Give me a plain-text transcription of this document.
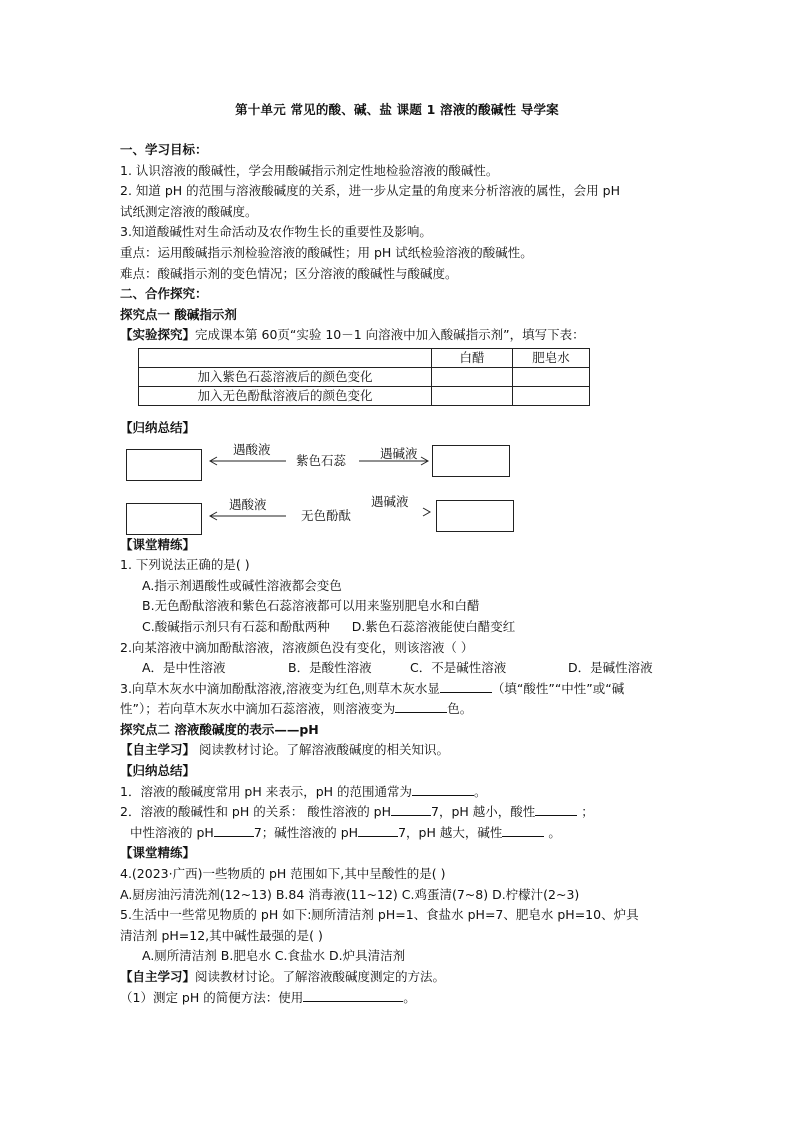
第十单元 常见的酸、碱、盐 课题 1 溶液的酸碱性 导学案
一、学习目标：
1. 认识溶液的酸碱性，学会用酸碱指示剂定性地检验溶液的酸碱性。
2. 知道 pH 的范围与溶液酸碱度的关系，进一步从定量的角度来分析溶液的属性，会用 pH
试纸测定溶液的酸碱度。
3.知道酸碱性对生命活动及农作物生长的重要性及影响。
重点：运用酸碱指示剂检验溶液的酸碱性；用 pH 试纸检验溶液的酸碱性。
难点：酸碱指示剂的变色情况；区分溶液的酸碱性与酸碱度。
二、合作探究：
探究点一 酸碱指示剂
【实验探究】完成课本第 60页“实验 10－1 向溶液中加入酸碱指示剂”，填写下表：
	白醋	肥皂水
加入紫色石蕊溶液后的颜色变化		
加入无色酚酞溶液后的颜色变化		
【归纳总结】
遇酸液
紫色石蕊	遇碱液
遇酸液
无色酚酞
遇碱液
【课堂精练】
1. 下列说法正确的是( )
A.指示剂遇酸性或碱性溶液都会变色
B.无色酚酞溶液和紫色石蕊溶液都可以用来鉴别肥皂水和白醋
C.酸碱指示剂只有石蕊和酚酞两种 D.紫色石蕊溶液能使白醋变红
2.向某溶液中滴加酚酞溶液，溶液颜色没有变化，则该溶液（ ）
A．是中性溶液	B．是酸性溶液	C．不是碱性溶液	D．是碱性溶液
3.向草木灰水中滴加酚酞溶液,溶液变为红色,则草木灰水显	（填“酸性”“中性”或“碱
性”）；若向草木灰水中滴加石蕊溶液，则溶液变为	色。
探究点二 溶液酸碱度的表示——pH
【自主学习】 阅读教材讨论。了解溶液酸碱度的相关知识。
【归纳总结】
1．溶液的酸碱度常用 pH 来表示，pH 的范围通常为	。
2．溶液的酸碱性和 pH 的关系： 酸性溶液的 pH	7，pH 越小，酸性	；
中性溶液的 pH	7；碱性溶液的 pH	7，pH 越大，碱性	。
【课堂精练】
4.(2023·广西)一些物质的 pH 范围如下,其中呈酸性的是( )
A.厨房油污清洗剂(12~13) B.84 消毒液(11~12) C.鸡蛋清(7~8) D.柠檬汁(2~3)
5.生活中一些常见物质的 pH 如下:厕所清洁剂 pH=1、食盐水 pH=7、肥皂水 pH=10、炉具
清洁剂 pH=12,其中碱性最强的是( )
A.厕所清洁剂 B.肥皂水 C.食盐水 D.炉具清洁剂
【自主学习】阅读教材讨论。了解溶液酸碱度测定的方法。
（1）测定 pH 的简便方法：使用	。
